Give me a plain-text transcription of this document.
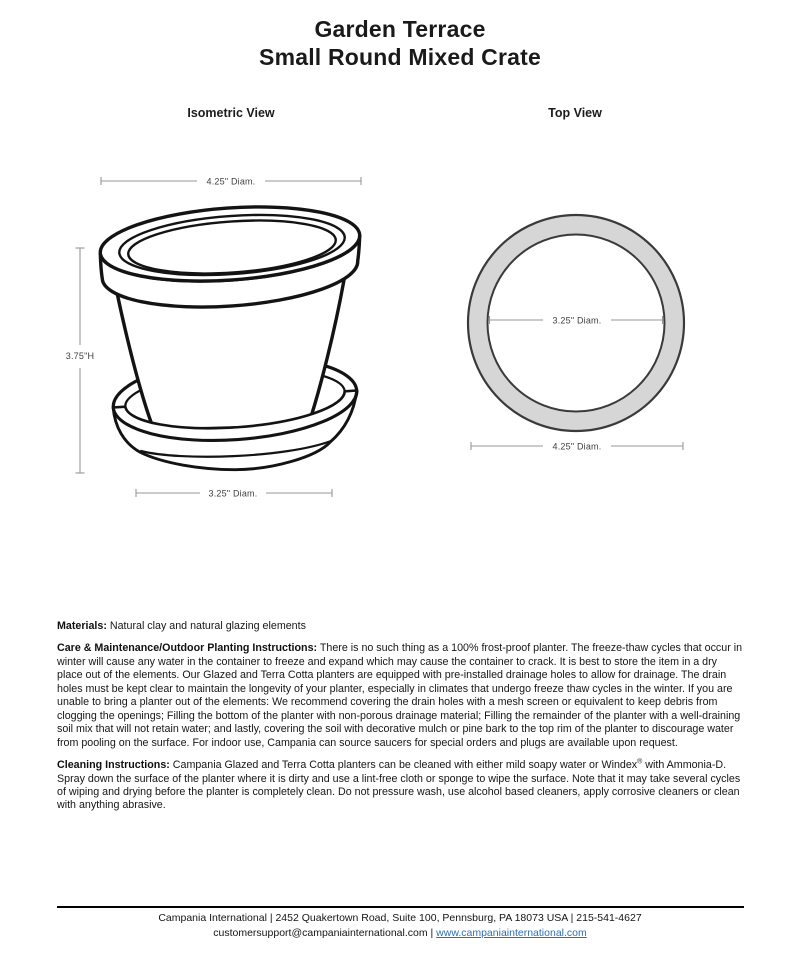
Garden Terrace
Small Round Mixed Crate
Isometric View	Top View
4.25" Diam.
3.75"H
3.25" Diam.
3.25" Diam.
4.25" Diam.

Materials: Natural clay and natural glazing elements

Care & Maintenance/Outdoor Planting Instructions: There is no such thing as a 100% frost-proof planter. The freeze-thaw cycles that occur in winter will cause any water in the container to freeze and expand which may cause the container to crack. It is best to store the item in a dry place out of the elements. Our Glazed and Terra Cotta planters are equipped with pre-installed drainage holes to allow for drainage. The drain holes must be kept clear to maintain the longevity of your planter, especially in climates that undergo freeze thaw cycles in the winter. If you are unable to bring a planter out of the elements: We recommend covering the drain holes with a mesh screen or equivalent to keep debris from clogging the openings; Filling the bottom of the planter with non-porous drainage material; Filling the remainder of the planter with a well-draining soil mix that will not retain water; and lastly, covering the soil with decorative mulch or pine bark to the top rim of the planter to discourage water from pooling on the surface. For indoor use, Campania can source saucers for special orders and plugs are available upon request.

Cleaning Instructions: Campania Glazed and Terra Cotta planters can be cleaned with either mild soapy water or Windex® with Ammonia-D. Spray down the surface of the planter where it is dirty and use a lint-free cloth or sponge to wipe the surface. Note that it may take several cycles of wiping and drying before the planter is completely clean. Do not pressure wash, use alcohol based cleaners, apply corrosive cleaners or clean with anything abrasive.

Campania International | 2452 Quakertown Road, Suite 100, Pennsburg, PA 18073 USA | 215-541-4627
customersupport@campaniainternational.com | www.campaniainternational.com
